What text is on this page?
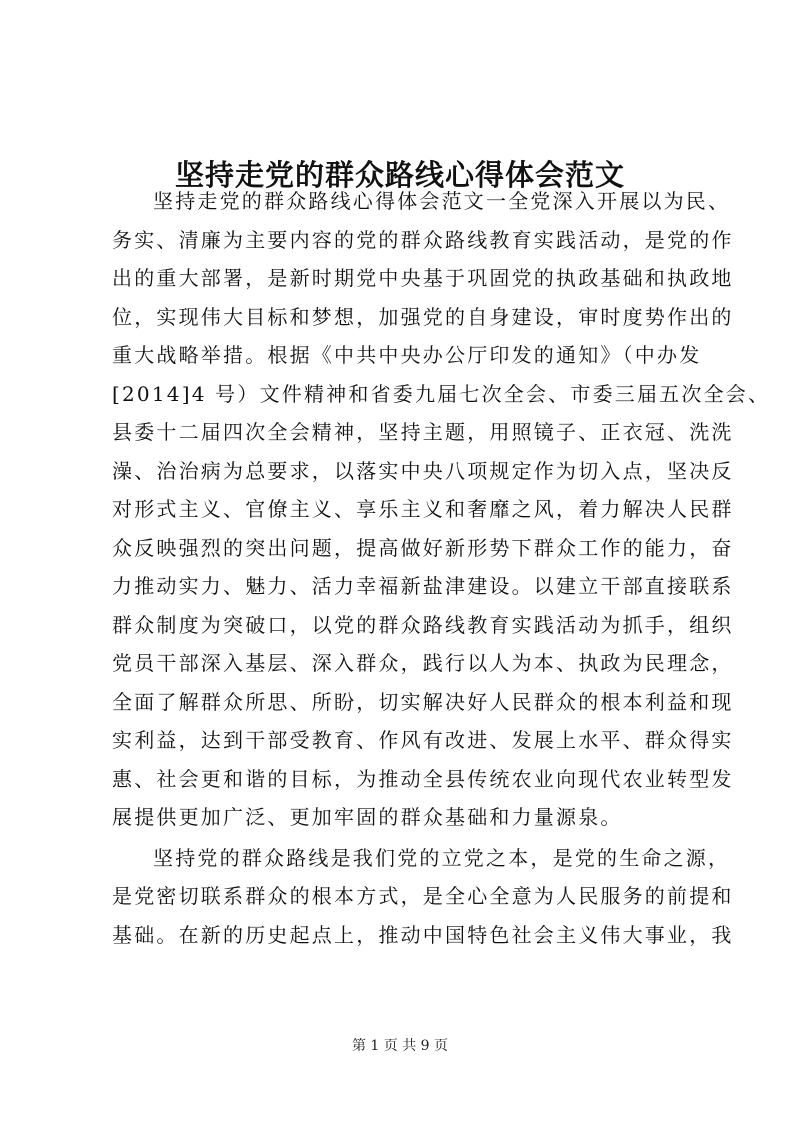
坚持走党的群众路线心得体会范文
坚持走党的群众路线心得体会范文一全党深入开展以为民、
务实、清廉为主要内容的党的群众路线教育实践活动，是党的作
出的重大部署，是新时期党中央基于巩固党的执政基础和执政地
位，实现伟大目标和梦想，加强党的自身建设，审时度势作出的
重大战略举措。根据《中共中央办公厅印发的通知》（中办发
[2014]4 号）文件精神和省委九届七次全会、市委三届五次全会、
县委十二届四次全会精神，坚持主题，用照镜子、正衣冠、洗洗
澡、治治病为总要求，以落实中央八项规定作为切入点，坚决反
对形式主义、官僚主义、享乐主义和奢靡之风，着力解决人民群
众反映强烈的突出问题，提高做好新形势下群众工作的能力，奋
力推动实力、魅力、活力幸福新盐津建设。以建立干部直接联系
群众制度为突破口，以党的群众路线教育实践活动为抓手，组织
党员干部深入基层、深入群众，践行以人为本、执政为民理念，
全面了解群众所思、所盼，切实解决好人民群众的根本利益和现
实利益，达到干部受教育、作风有改进、发展上水平、群众得实
惠、社会更和谐的目标，为推动全县传统农业向现代农业转型发
展提供更加广泛、更加牢固的群众基础和力量源泉。
坚持党的群众路线是我们党的立党之本，是党的生命之源，
是党密切联系群众的根本方式，是全心全意为人民服务的前提和
基础。在新的历史起点上，推动中国特色社会主义伟大事业，我
第 1 页 共 9 页
